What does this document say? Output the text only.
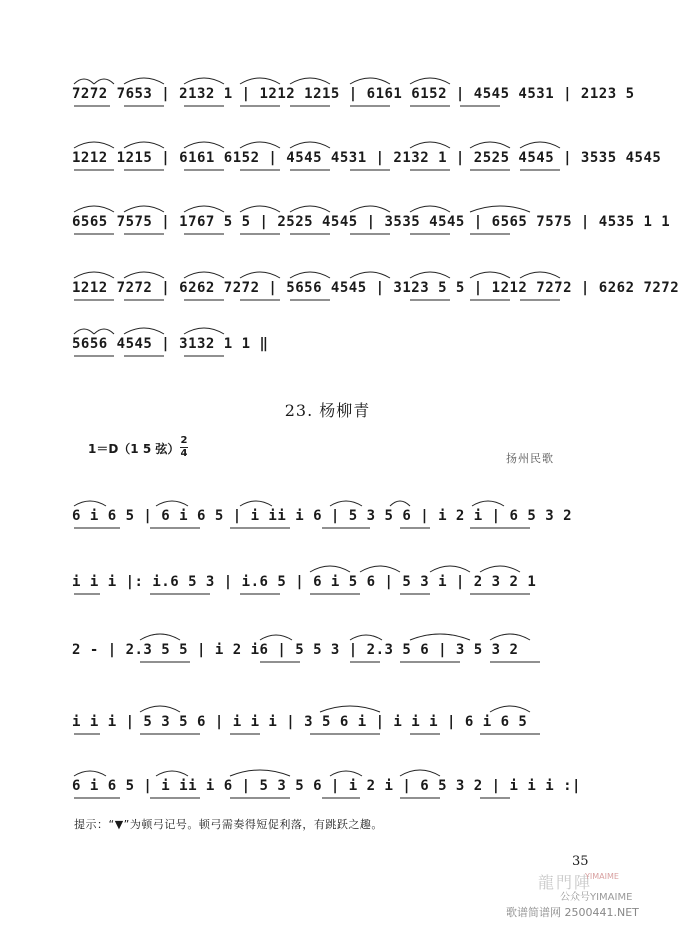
7272 7653 | 2132 1 | 1212 1215 | 6161 6152 | 4545 4531 | 2123 5
1212 1215 | 6161 6152 | 4545 4531 | 2132 1 | 2525 4545 | 3535 4545
6565 7575 | 1767 5 5 | 2525 4545 | 3535 4545 | 6565 7575 | 4535 1 1
1212 7272 | 6262 7272 | 5656 4545 | 3123 5 5 | 1212 7272 | 6262 7272
5656 4545 | 3132 1 1 ‖
23. 杨柳青
1＝D（1 5 弦）
2
4	扬州民歌
6 i 6 5 | 6 i 6 5 | i ii i 6 | 5 3 5 6 | i 2 i | 6 5 3 2
i i i |: i.6 5 3 | i.6 5 | 6 i 5 6 | 5 3 i | 2 3 2 1
2 - | 2.3 5 5 | i 2 i6 | 5 5 3 | 2.3 5 6 | 3 5 3 2
i i i | 5 3 5 6 | i i i | 3 5 6 i | i i i | 6 i 6 5
6 i 6 5 | i ii i 6 | 5 3 5 6 | i 2 i | 6 5 3 2 | i i i :|
提示：“▼”为顿弓记号。顿弓需奏得短促利落，有跳跃之趣。
35
龍門陣
YIMAIME
公众号YIMAIME
歌谱简谱网 2500441.NET
